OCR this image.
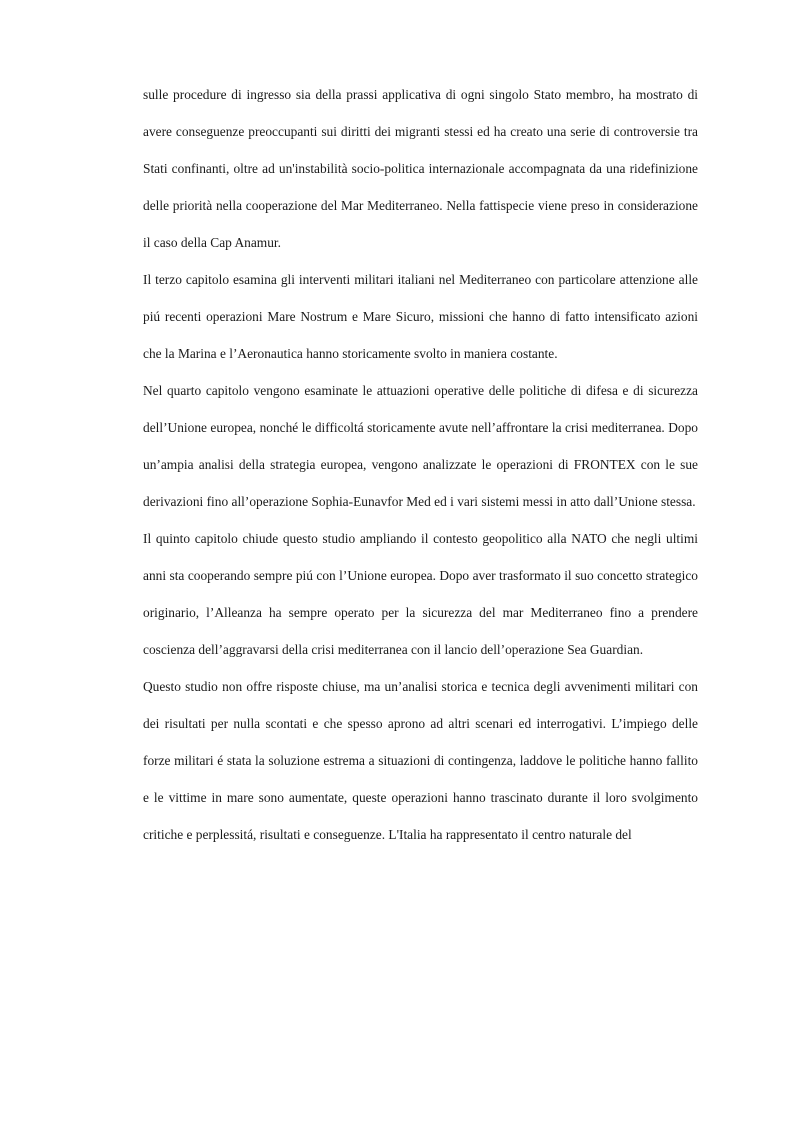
sulle procedure di ingresso sia della prassi applicativa di ogni singolo Stato membro, ha mostrato di avere conseguenze preoccupanti sui diritti dei migranti stessi ed ha creato una serie di controversie tra Stati confinanti, oltre ad un'instabilità socio-politica internazionale accompagnata da una ridefinizione delle priorità nella cooperazione del Mar Mediterraneo. Nella fattispecie viene preso in considerazione il caso della Cap Anamur.

Il terzo capitolo esamina gli interventi militari italiani nel Mediterraneo con particolare attenzione alle piú recenti operazioni Mare Nostrum e Mare Sicuro, missioni che hanno di fatto intensificato azioni che la Marina e l’Aeronautica hanno storicamente svolto in maniera costante.

Nel quarto capitolo vengono esaminate le attuazioni operative delle politiche di difesa e di sicurezza dell’Unione europea, nonché le difficoltá storicamente avute nell’affrontare la crisi mediterranea. Dopo un’ampia analisi della strategia europea, vengono analizzate le operazioni di FRONTEX con le sue derivazioni fino all’operazione Sophia-Eunavfor Med ed i vari sistemi messi in atto dall’Unione stessa.

Il quinto capitolo chiude questo studio ampliando il contesto geopolitico alla NATO che negli ultimi anni sta cooperando sempre piú con l’Unione europea. Dopo aver trasformato il suo concetto strategico originario, l’Alleanza ha sempre operato per la sicurezza del mar Mediterraneo fino a prendere coscienza dell’aggravarsi della crisi mediterranea con il lancio dell’operazione Sea Guardian.

Questo studio non offre risposte chiuse, ma un’analisi storica e tecnica degli avvenimenti militari con dei risultati per nulla scontati e che spesso aprono ad altri scenari ed interrogativi. L’impiego delle forze militari é stata la soluzione estrema a situazioni di contingenza, laddove le politiche hanno fallito e le vittime in mare sono aumentate, queste operazioni hanno trascinato durante il loro svolgimento critiche e perplessitá, risultati e conseguenze. L'Italia ha rappresentato il centro naturale del
